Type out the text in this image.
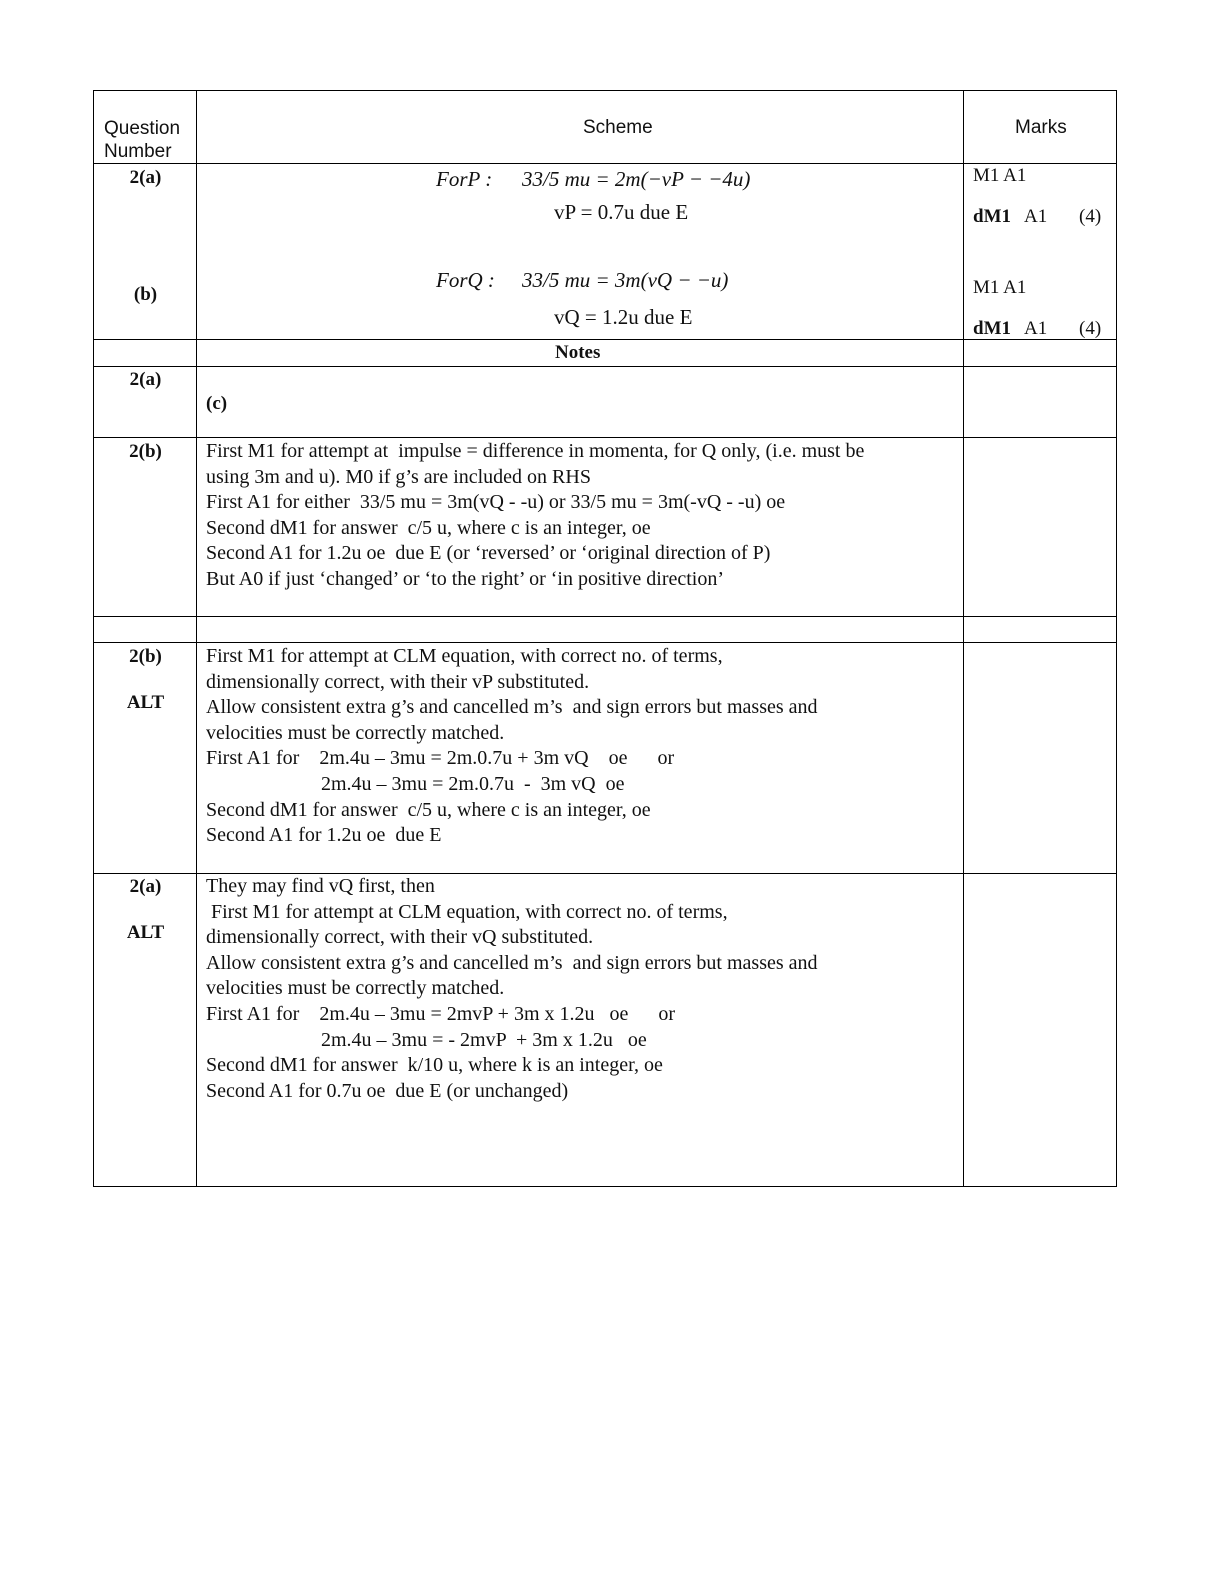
Question
Number
Scheme	Marks
2(a)
(b)
ForP : 33/5 mu = 2m(−vP − −4u)
vP = 0.7u due E
ForQ : 33/5 mu = 3m(vQ − −u)
vQ = 1.2u due E
M1 A1
dM1 A1 (4)
M1 A1
dM1 A1 (4)
Notes
2(a)
(c)
2(b)	First M1 for attempt at  impulse = difference in momenta, for Q only, (i.e. must be
using 3m and u). M0 if g’s are included on RHS
First A1 for either  33/5 mu = 3m(vQ - -u) or 33/5 mu = 3m(-vQ - -u) oe
Second dM1 for answer  c/5 u, where c is an integer, oe
Second A1 for 1.2u oe  due E (or ‘reversed’ or ‘original direction of P)
But A0 if just ‘changed’ or ‘to the right’ or ‘in positive direction’
2(b)
ALT
First M1 for attempt at CLM equation, with correct no. of terms,
dimensionally correct, with their vP substituted.
Allow consistent extra g’s and cancelled m’s  and sign errors but masses and
velocities must be correctly matched.
First A1 for    2m.4u – 3mu = 2m.0.7u + 3m vQ    oe      or
2m.4u – 3mu = 2m.0.7u  -  3m vQ  oe
Second dM1 for answer  c/5 u, where c is an integer, oe
Second A1 for 1.2u oe  due E
2(a)
ALT
They may find vQ first, then
First M1 for attempt at CLM equation, with correct no. of terms,
dimensionally correct, with their vQ substituted.
Allow consistent extra g’s and cancelled m’s  and sign errors but masses and
velocities must be correctly matched.
First A1 for    2m.4u – 3mu = 2mvP + 3m x 1.2u   oe      or
2m.4u – 3mu = - 2mvP  + 3m x 1.2u   oe
Second dM1 for answer  k/10 u, where k is an integer, oe
Second A1 for 0.7u oe  due E (or unchanged)
